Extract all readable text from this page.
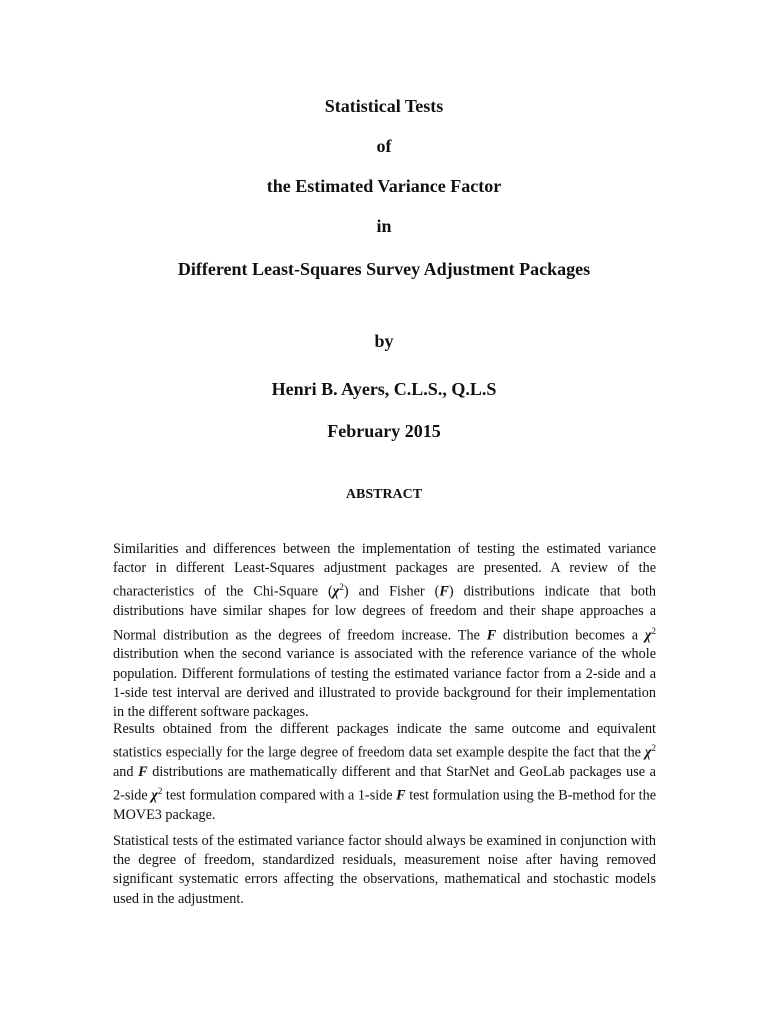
Statistical Tests

of

the Estimated Variance Factor

in

Different Least-Squares Survey Adjustment Packages

by

Henri B. Ayers, C.L.S., Q.L.S

February 2015

ABSTRACT

Similarities and differences between the implementation of testing the estimated variance factor in different Least-Squares adjustment packages are presented. A review of the characteristics of the Chi-Square $(\chi^2)$ and Fisher (F) distributions indicate that both distributions have similar shapes for low degrees of freedom and their shape approaches a Normal distribution as the degrees of freedom increase. The F distribution becomes a $\chi^2$ distribution when the second variance is associated with the reference variance of the whole population. Different formulations of testing the estimated variance factor from a 2-side and a 1-side test interval are derived and illustrated to provide background for their implementation in the different software packages.

Results obtained from the different packages indicate the same outcome and equivalent statistics especially for the large degree of freedom data set example despite the fact that the $\chi^2$ and F distributions are mathematically different and that StarNet and GeoLab packages use a 2-side $\chi^2$ test formulation compared with a 1-side F test formulation using the B-method for the MOVE3 package.

Statistical tests of the estimated variance factor should always be examined in conjunction with the degree of freedom, standardized residuals, measurement noise after having removed significant systematic errors affecting the observations, mathematical and stochastic models used in the adjustment.
